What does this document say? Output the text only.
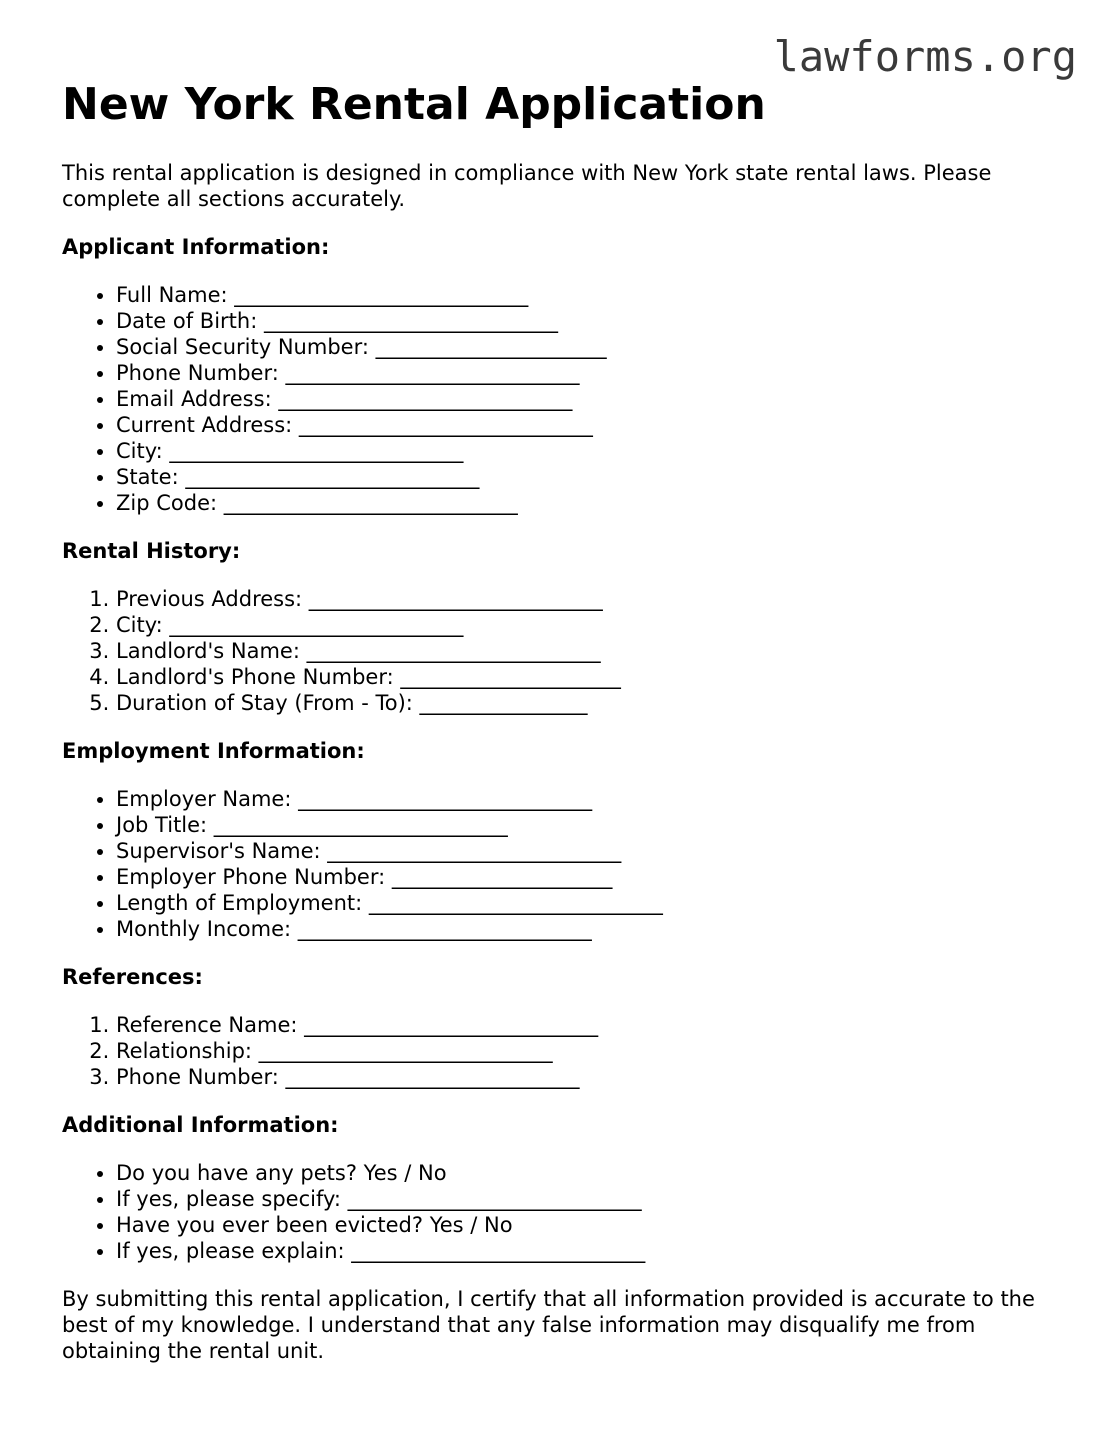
lawforms.org
New York Rental Application

This rental application is designed in compliance with New York state rental laws. Please complete all sections accurately.

Applicant Information:
• Full Name: ____________________________
• Date of Birth: ____________________________
• Social Security Number: ______________________
• Phone Number: ____________________________
• Email Address: ____________________________
• Current Address: ____________________________
• City: ____________________________
• State: ____________________________
• Zip Code: ____________________________
Rental History:
1. Previous Address: ____________________________
2. City: ____________________________
3. Landlord's Name: ____________________________
4. Landlord's Phone Number: _____________________
5. Duration of Stay (From - To): ________________
Employment Information:
• Employer Name: ____________________________
• Job Title: ____________________________
• Supervisor's Name: ____________________________
• Employer Phone Number: _____________________
• Length of Employment: ____________________________
• Monthly Income: ____________________________
References:
1. Reference Name: ____________________________
2. Relationship: ____________________________
3. Phone Number: ____________________________
Additional Information:
• Do you have any pets? Yes / No
• If yes, please specify: ____________________________
• Have you ever been evicted? Yes / No
• If yes, please explain: ____________________________

By submitting this rental application, I certify that all information provided is accurate to the best of my knowledge. I understand that any false information may disqualify me from obtaining the rental unit.
